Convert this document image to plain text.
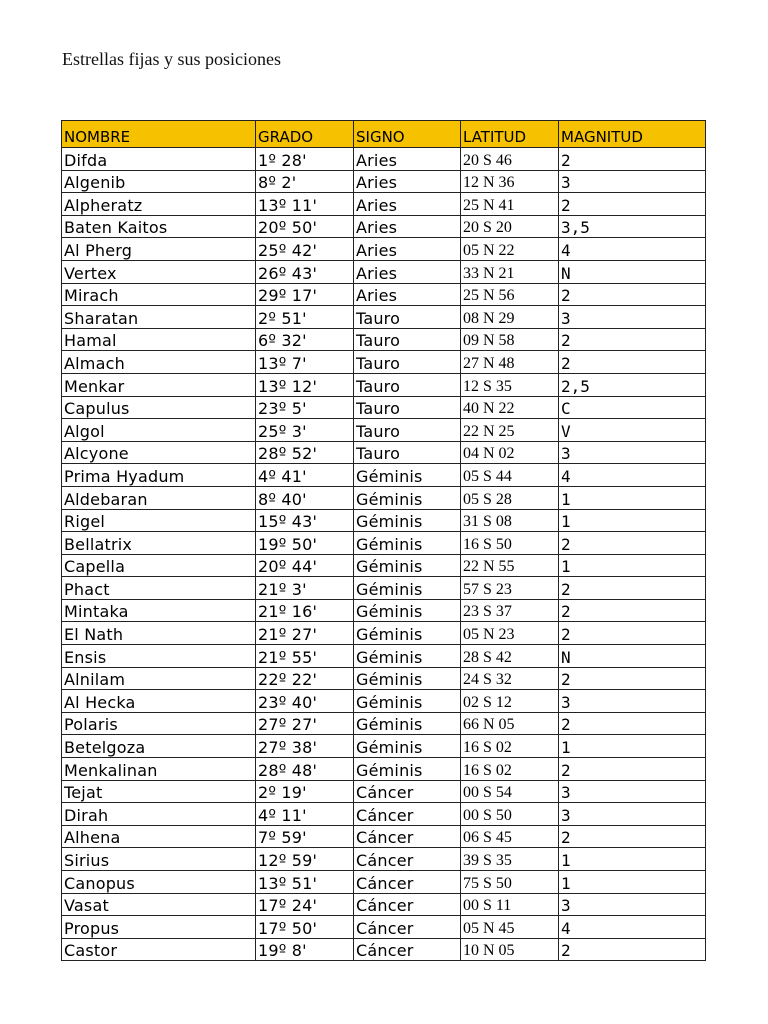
Estrellas fijas y sus posiciones
NOMBRE	GRADO	SIGNO	LATITUD	MAGNITUD
Difda	1º 28'	Aries	20 S 46	2
Algenib	8º 2'	Aries	12 N 36	3
Alpheratz	13º 11'	Aries	25 N 41	2
Baten Kaitos	20º 50'	Aries	20 S 20	3,5
Al Pherg	25º 42'	Aries	05 N 22	4
Vertex	26º 43'	Aries	33 N 21	N
Mirach	29º 17'	Aries	25 N 56	2
Sharatan	2º 51'	Tauro	08 N 29	3
Hamal	6º 32'	Tauro	09 N 58	2
Almach	13º 7'	Tauro	27 N 48	2
Menkar	13º 12'	Tauro	12 S 35	2,5
Capulus	23º 5'	Tauro	40 N 22	C
Algol	25º 3'	Tauro	22 N 25	V
Alcyone	28º 52'	Tauro	04 N 02	3
Prima Hyadum	4º 41'	Géminis	05 S 44	4
Aldebaran	8º 40'	Géminis	05 S 28	1
Rigel	15º 43'	Géminis	31 S 08	1
Bellatrix	19º 50'	Géminis	16 S 50	2
Capella	20º 44'	Géminis	22 N 55	1
Phact	21º 3'	Géminis	57 S 23	2
Mintaka	21º 16'	Géminis	23 S 37	2
El Nath	21º 27'	Géminis	05 N 23	2
Ensis	21º 55'	Géminis	28 S 42	N
Alnilam	22º 22'	Géminis	24 S 32	2
Al Hecka	23º 40'	Géminis	02 S 12	3
Polaris	27º 27'	Géminis	66 N 05	2
Betelgoza	27º 38'	Géminis	16 S 02	1
Menkalinan	28º 48'	Géminis	16 S 02	2
Tejat	2º 19'	Cáncer	00 S 54	3
Dirah	4º 11'	Cáncer	00 S 50	3
Alhena	7º 59'	Cáncer	06 S 45	2
Sirius	12º 59'	Cáncer	39 S 35	1
Canopus	13º 51'	Cáncer	75 S 50	1
Vasat	17º 24'	Cáncer	00 S 11	3
Propus	17º 50'	Cáncer	05 N 45	4
Castor	19º 8'	Cáncer	10 N 05	2
